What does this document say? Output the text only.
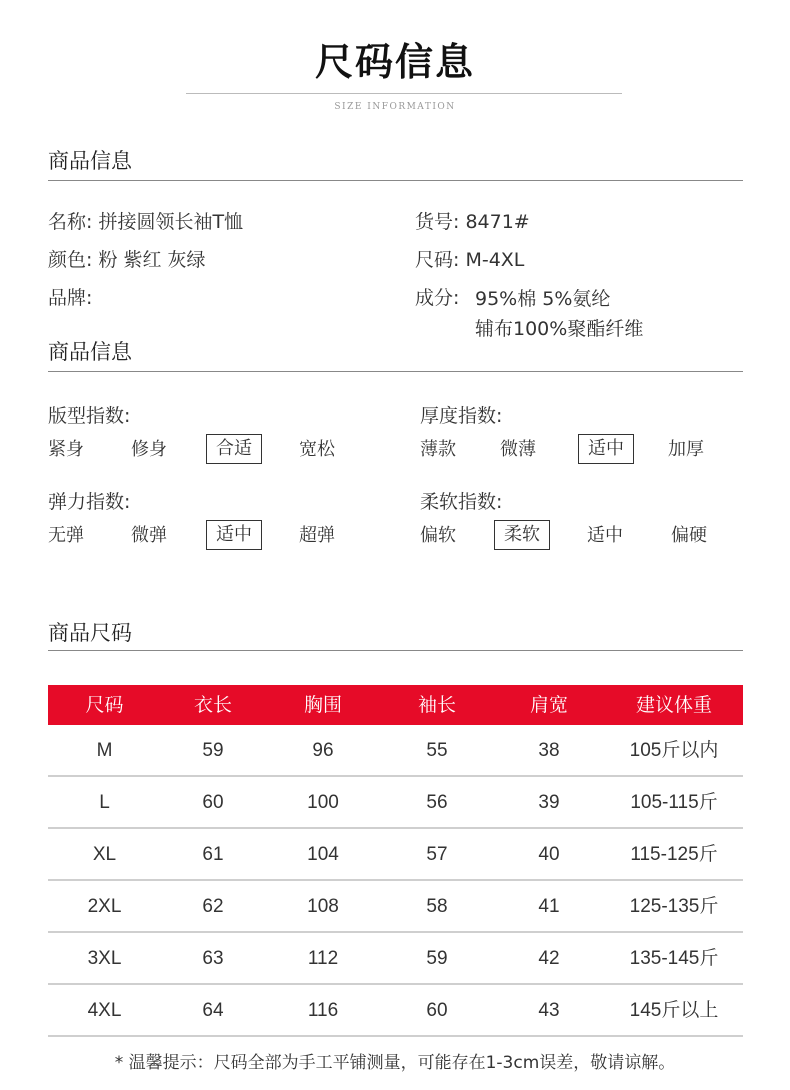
尺码信息
SIZE INFORMATION
商品信息
名称: 拼接圆领长袖T恤	货号: 8471#
颜色: 粉 紫红 灰绿	尺码: M-4XL
品牌:	成分: 95%棉 5%氨纶
辅布100%聚酯纤维
商品信息
版型指数:
紧身	修身	合适	宽松
厚度指数:
薄款 微薄	适中	加厚
弹力指数:
无弹	微弹	适中	超弹
柔软指数:
偏软	柔软	适中	偏硬
商品尺码
尺码	衣长	胸围	袖长	肩宽	建议体重
M	59	96	55	38	105斤以内
L	60	100	56	39	105-115斤
XL	61	104	57	40	115-125斤
2XL	62	108	58	41	125-135斤
3XL	63	112	59	42	135-145斤
4XL	64	116	60	43	145斤以上
* 温馨提示：尺码全部为手工平铺测量，可能存在1-3cm误差，敬请谅解。
